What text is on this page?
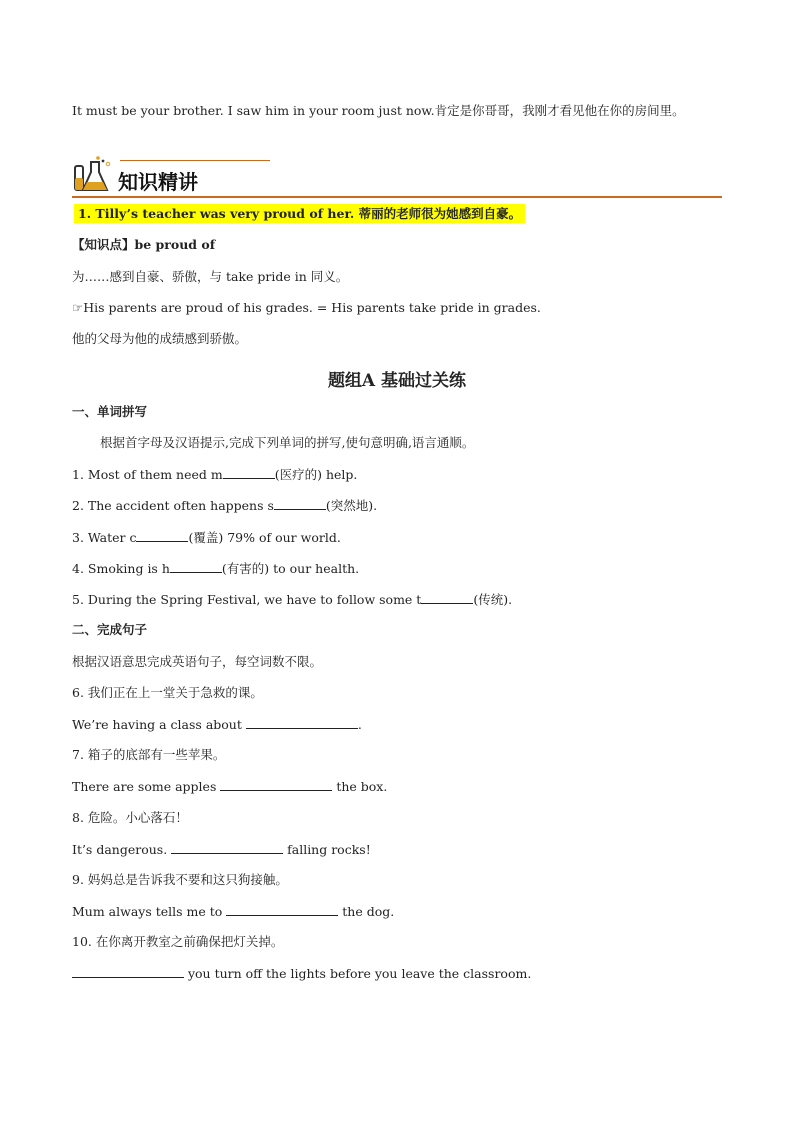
It must be your brother. I saw him in your room just now.肯定是你哥哥，我刚才看见他在你的房间里。
知识精讲
1. Tilly’s teacher was very proud of her. 蒂丽的老师很为她感到自豪。
【知识点】be proud of
为……感到自豪、骄傲，与 take pride in 同义。
☞His parents are proud of his grades. = His parents take pride in grades.
他的父母为他的成绩感到骄傲。
题组A 基础过关练
一、单词拼写
根据首字母及汉语提示,完成下列单词的拼写,使句意明确,语言通顺。
1. Most of them need m	(医疗的) help.
2. The accident often happens s	(突然地).
3. Water c	(覆盖) 79% of our world.
4. Smoking is h	(有害的) to our health.
5. During the Spring Festival, we have to follow some t	(传统).
二、完成句子
根据汉语意思完成英语句子，每空词数不限。
6. 我们正在上一堂关于急救的课。
We’re having a class about	.
7. 箱子的底部有一些苹果。
There are some apples	the box.
8. 危险。小心落石！
It’s dangerous.	falling rocks!
9. 妈妈总是告诉我不要和这只狗接触。
Mum always tells me to	the dog.
10. 在你离开教室之前确保把灯关掉。
you turn off the lights before you leave the classroom.
